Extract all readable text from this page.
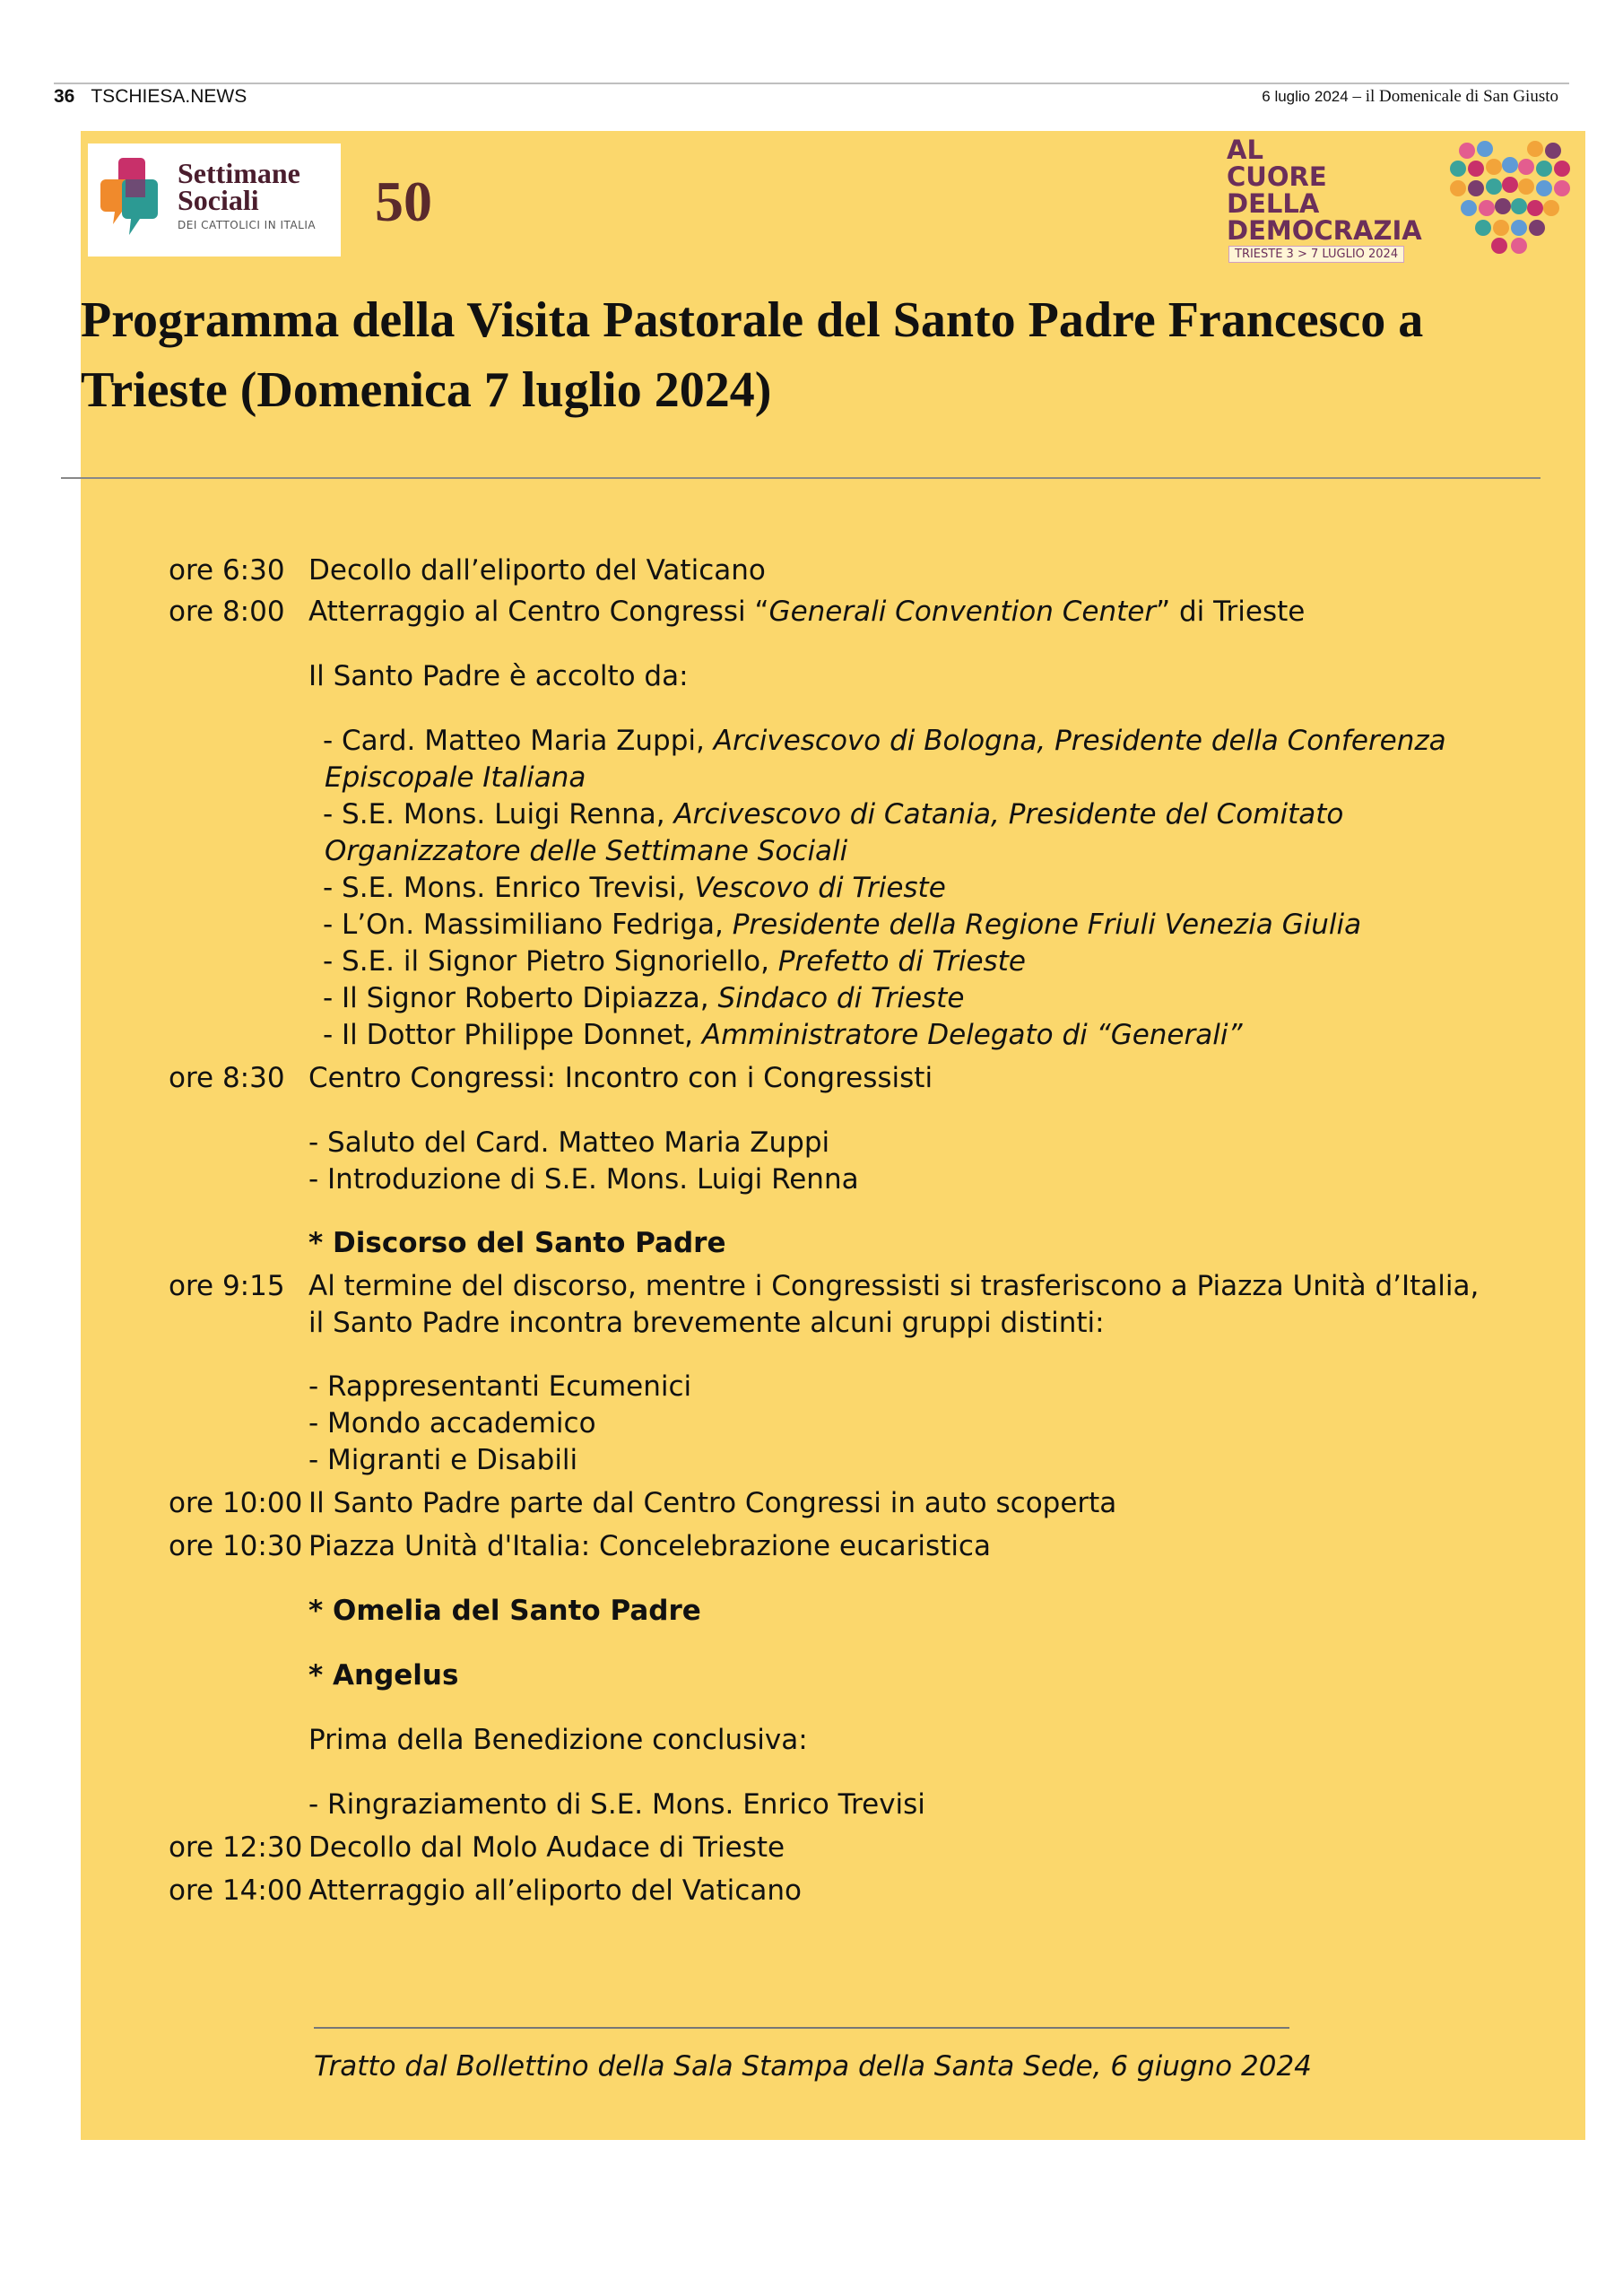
36 TSCHIESA.NEWS	6 luglio 2024 – il Domenicale di San Giusto
Settimane
Sociali
DEI CATTOLICI IN ITALIA 50
AL
CUORE
DELLA
DEMOCRAZIA
TRIESTE 3 > 7 LUGLIO 2024
Programma della Visita Pastorale del Santo Padre Francesco a Trieste (Domenica 7 luglio 2024)
ore 6:30 Decollo dall’eliporto del Vaticano
ore 8:00 Atterraggio al Centro Congressi “Generali Convention Center” di Trieste
Il Santo Padre è accolto da:
- Card. Matteo Maria Zuppi, Arcivescovo di Bologna, Presidente della Conferenza
Episcopale Italiana
- S.E. Mons. Luigi Renna, Arcivescovo di Catania, Presidente del Comitato
Organizzatore delle Settimane Sociali
- S.E. Mons. Enrico Trevisi, Vescovo di Trieste
- L’On. Massimiliano Fedriga, Presidente della Regione Friuli Venezia Giulia
- S.E. il Signor Pietro Signoriello, Prefetto di Trieste
- Il Signor Roberto Dipiazza, Sindaco di Trieste
- Il Dottor Philippe Donnet, Amministratore Delegato di “Generali”
ore 8:30 Centro Congressi: Incontro con i Congressisti
- Saluto del Card. Matteo Maria Zuppi
- Introduzione di S.E. Mons. Luigi Renna
* Discorso del Santo Padre
ore 9:15 Al termine del discorso, mentre i Congressisti si trasferiscono a Piazza Unità d’Italia,
il Santo Padre incontra brevemente alcuni gruppi distinti:
- Rappresentanti Ecumenici
- Mondo accademico
- Migranti e Disabili
ore 10:00 Il Santo Padre parte dal Centro Congressi in auto scoperta
ore 10:30 Piazza Unità d'Italia: Concelebrazione eucaristica
* Omelia del Santo Padre
* Angelus
Prima della Benedizione conclusiva:
- Ringraziamento di S.E. Mons. Enrico Trevisi
ore 12:30 Decollo dal Molo Audace di Trieste
ore 14:00 Atterraggio all’eliporto del Vaticano
Tratto dal Bollettino della Sala Stampa della Santa Sede, 6 giugno 2024
